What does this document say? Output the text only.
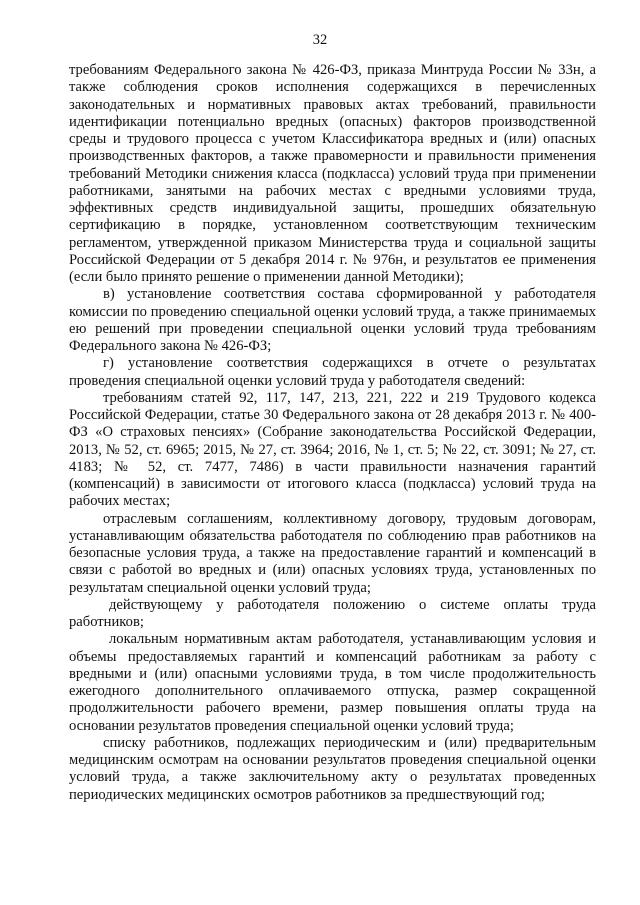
32

требованиям Федерального закона № 426-ФЗ, приказа Минтруда России № 33н, а также соблюдения сроков исполнения содержащихся в перечисленных законодательных и нормативных правовых актах требований, правильности идентификации потенциально вредных (опасных) факторов производственной среды и трудового процесса с учетом Классификатора вредных и (или) опасных производственных факторов, а также правомерности и правильности применения требований Методики снижения класса (подкласса) условий труда при применении работниками, занятыми на рабочих местах с вредными условиями труда, эффективных средств индивидуальной защиты, прошедших обязательную сертификацию в порядке, установленном соответствующим техническим регламентом, утвержденной приказом Министерства труда и социальной защиты Российской Федерации от 5 декабря 2014 г. № 976н, и результатов ее применения (если было принято решение о применении данной Методики);

в) установление соответствия состава сформированной у работодателя комиссии по проведению специальной оценки условий труда, а также принимаемых ею решений при проведении специальной оценки условий труда требованиям Федерального закона № 426-ФЗ;

г) установление соответствия содержащихся в отчете о результатах проведения специальной оценки условий труда у работодателя сведений:

требованиям статей 92, 117, 147, 213, 221, 222 и 219 Трудового кодекса Российской Федерации, статье 30 Федерального закона от 28 декабря 2013 г. № 400-ФЗ «О страховых пенсиях» (Собрание законодательства Российской Федерации, 2013, № 52, ст. 6965; 2015, № 27, ст. 3964; 2016, № 1, ст. 5; № 22, ст. 3091; № 27, ст. 4183; № 52, ст. 7477, 7486) в части правильности назначения гарантий (компенсаций) в зависимости от итогового класса (подкласса) условий труда на рабочих местах;

отраслевым соглашениям, коллективному договору, трудовым договорам, устанавливающим обязательства работодателя по соблюдению прав работников на безопасные условия труда, а также на предоставление гарантий и компенсаций в связи с работой во вредных и (или) опасных условиях труда, установленных по результатам специальной оценки условий труда;

действующему у работодателя положению о системе оплаты труда работников;

локальным нормативным актам работодателя, устанавливающим условия и объемы предоставляемых гарантий и компенсаций работникам за работу с вредными и (или) опасными условиями труда, в том числе продолжительность ежегодного дополнительного оплачиваемого отпуска, размер сокращенной продолжительности рабочего времени, размер повышения оплаты труда на основании результатов проведения специальной оценки условий труда;

списку работников, подлежащих периодическим и (или) предварительным медицинским осмотрам на основании результатов проведения специальной оценки условий труда, а также заключительному акту о результатах проведенных периодических медицинских осмотров работников за предшествующий год;
